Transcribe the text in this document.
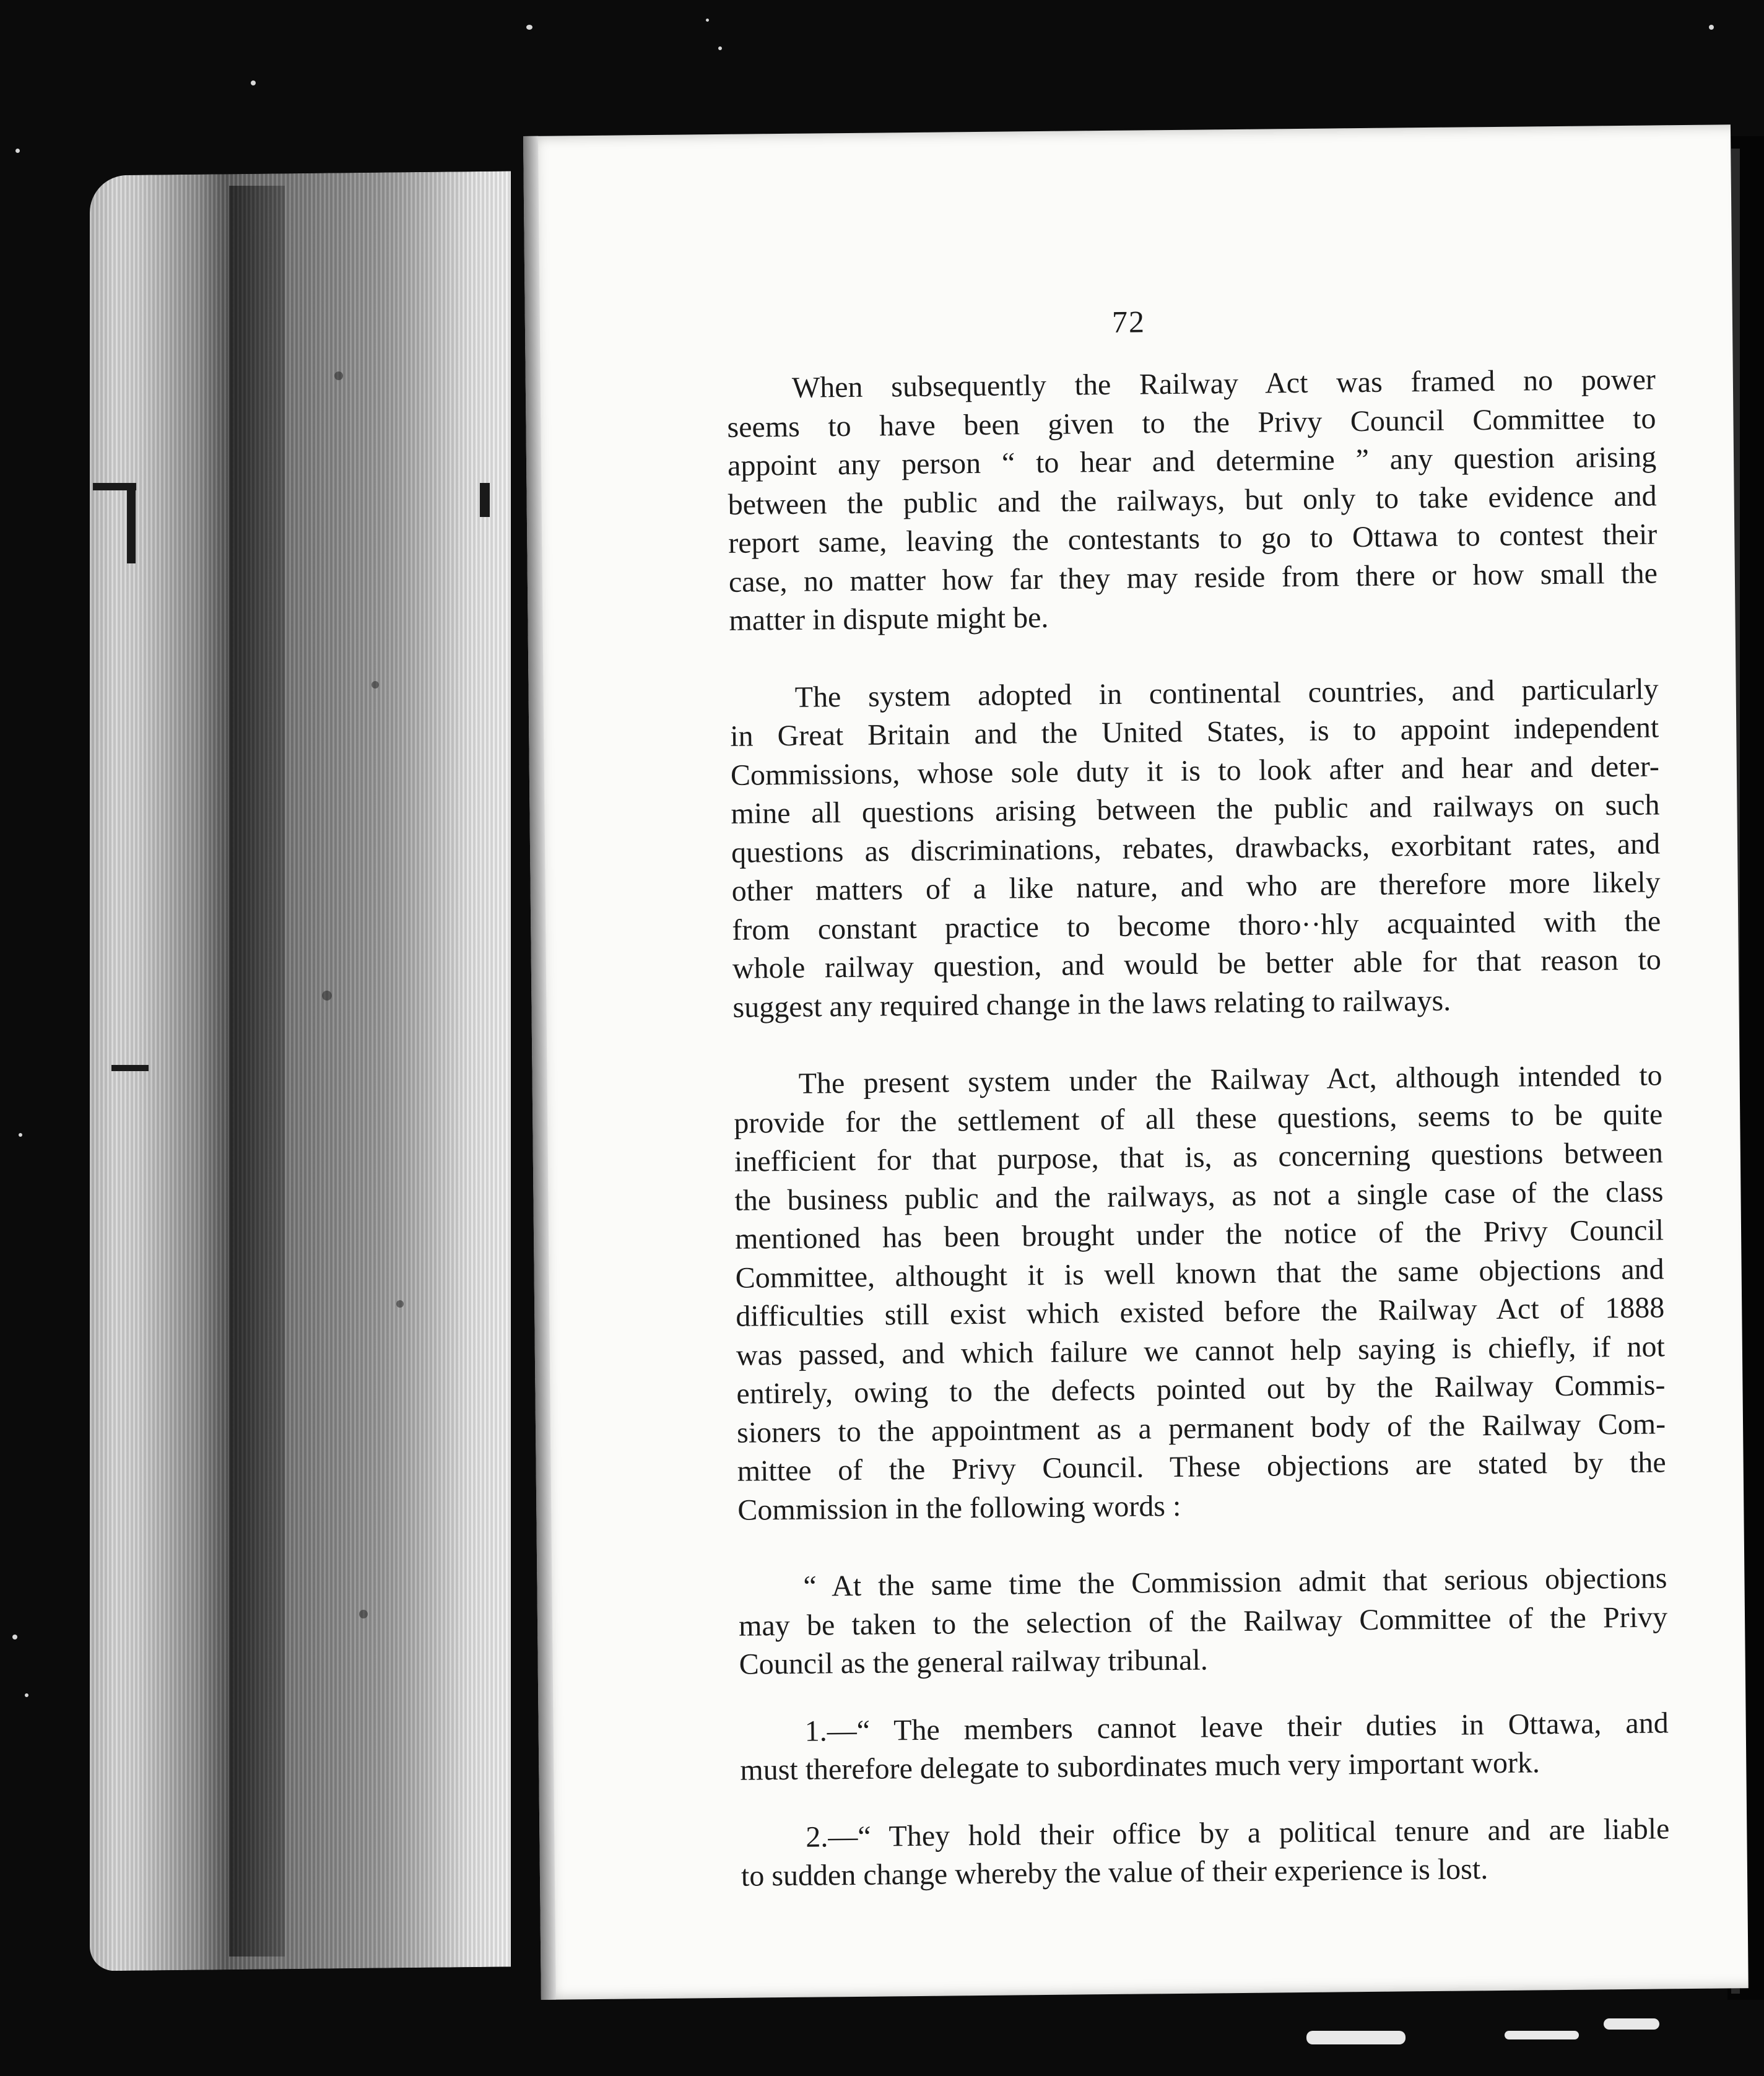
72

When subsequently the Railway Act was framed no power
seems to have been given to the Privy Council Committee to
appoint any person “ to hear and determine ” any question arising
between the public and the railways, but only to take evidence and
report same, leaving the contestants to go to Ottawa to contest their
case, no matter how far they may reside from there or how small the
matter in dispute might be.

The system adopted in continental countries, and particularly
in Great Britain and the United States, is to appoint independent
Commissions, whose sole duty it is to look after and hear and deter-
mine all questions arising between the public and railways on such
questions as discriminations, rebates, drawbacks, exorbitant rates, and
other matters of a like nature, and who are therefore more likely
from constant practice to become thoro··hly acquainted with the
whole railway question, and would be better able for that reason to
suggest any required change in the laws relating to railways.

The present system under the Railway Act, although intended to
provide for the settlement of all these questions, seems to be quite
inefficient for that purpose, that is, as concerning questions between
the business public and the railways, as not a single case of the class
mentioned has been brought under the notice of the Privy Council
Committee, althought it is well known that the same objections and
difficulties still exist which existed before the Railway Act of 1888
was passed, and which failure we cannot help saying is chiefly, if not
entirely, owing to the defects pointed out by the Railway Commis-
sioners to the appointment as a permanent body of the Railway Com-
mittee of the Privy Council. These objections are stated by the
Commission in the following words :

“ At the same time the Commission admit that serious objections
may be taken to the selection of the Railway Committee of the Privy
Council as the general railway tribunal.

1.—“ The members cannot leave their duties in Ottawa, and
must therefore delegate to subordinates much very important work.

2.—“ They hold their office by a political tenure and are liable
to sudden change whereby the value of their experience is lost.
